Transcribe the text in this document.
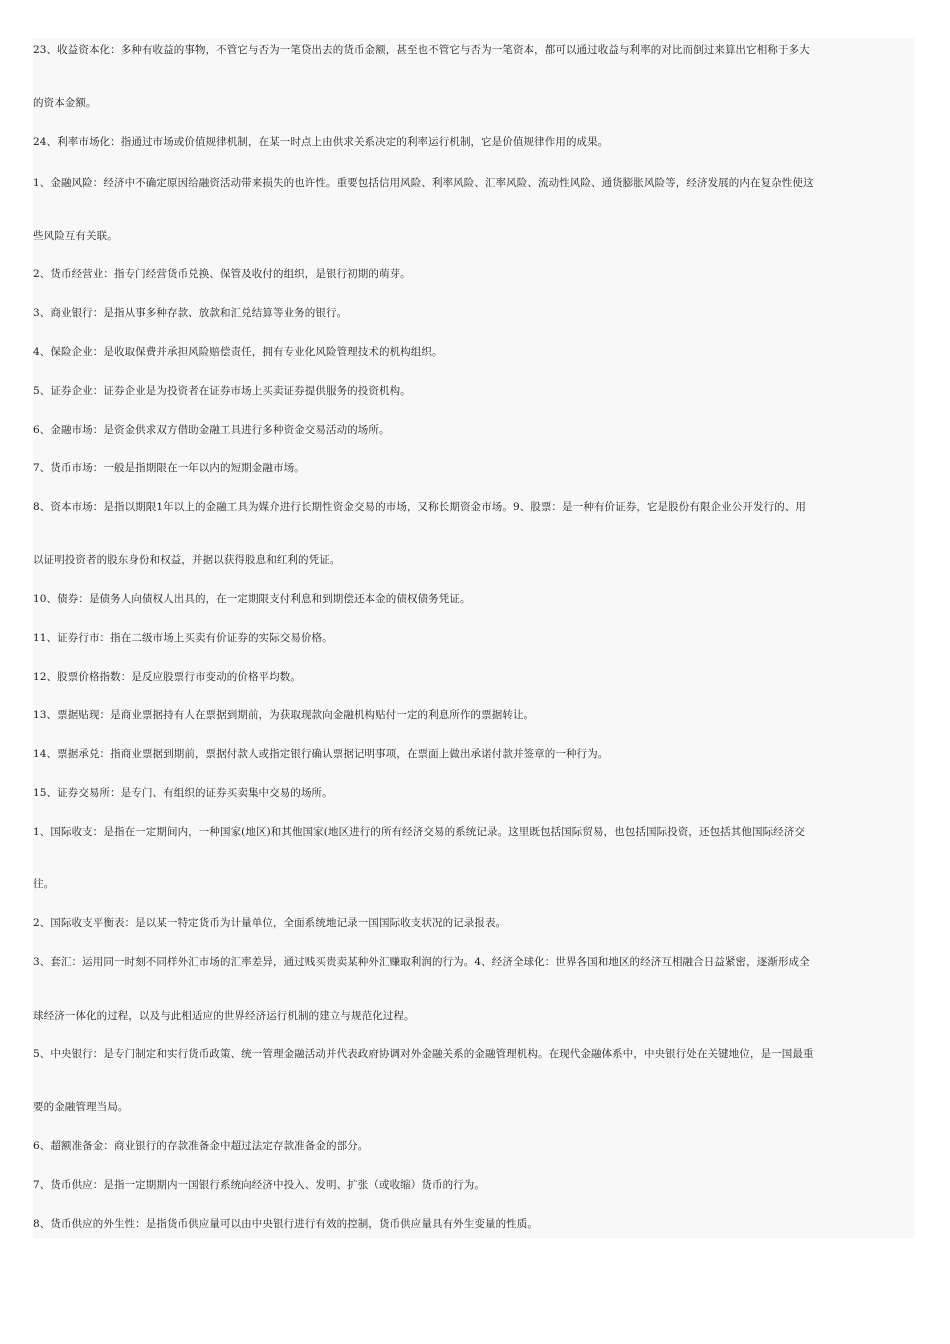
23、收益资本化：多种有收益的事物，不管它与否为一笔贷出去的货币金额，甚至也不管它与否为一笔资本，都可以通过收益与利率的对比而倒过来算出它相称于多大
的资本金额。
24、利率市场化：指通过市场或价值规律机制，在某一时点上由供求关系决定的利率运行机制，它是价值规律作用的成果。
1、金融风险：经济中不确定原因给融资活动带来损失的也许性。重要包括信用风险、利率风险、汇率风险、流动性风险、通货膨胀风险等，经济发展的内在复杂性使这
些风险互有关联。
2、货币经营业：指专门经营货币兑换、保管及收付的组织，是银行初期的萌芽。
3、商业银行：是指从事多种存款、放款和汇兑结算等业务的银行。
4、保险企业：是收取保费并承担风险赔偿责任，拥有专业化风险管理技术的机构组织。
5、证券企业：证券企业是为投资者在证券市场上买卖证券提供服务的投资机构。
6、金融市场：是资金供求双方借助金融工具进行多种资金交易活动的场所。
7、货币市场：一般是指期限在一年以内的短期金融市场。
8、资本市场：是指以期限1年以上的金融工具为媒介进行长期性资金交易的市场，又称长期资金市场。9、股票：是一种有价证券，它是股份有限企业公开发行的、用
以证明投资者的股东身份和权益，并据以获得股息和红利的凭证。
10、债券：是债务人向债权人出具的，在一定期限支付利息和到期偿还本金的债权债务凭证。
11、证券行市：指在二级市场上买卖有价证券的实际交易价格。
12、股票价格指数：是反应股票行市变动的价格平均数。
13、票据贴现：是商业票据持有人在票据到期前，为获取现款向金融机构贴付一定的利息所作的票据转让。
14、票据承兑：指商业票据到期前，票据付款人或指定银行确认票据记明事项，在票面上做出承诺付款并签章的一种行为。
15、证券交易所：是专门、有组织的证券买卖集中交易的场所。
1、国际收支：是指在一定期间内，一种国家(地区)和其他国家(地区进行的所有经济交易的系统记录。这里既包括国际贸易，也包括国际投资，还包括其他国际经济交
往。
2、国际收支平衡表：是以某一特定货币为计量单位，全面系统地记录一国国际收支状况的记录报表。
3、套汇：运用同一时刻不同样外汇市场的汇率差异，通过贱买贵卖某种外汇赚取利润的行为。4、经济全球化：世界各国和地区的经济互相融合日益紧密，逐渐形成全
球经济一体化的过程，以及与此相适应的世界经济运行机制的建立与规范化过程。
5、中央银行：是专门制定和实行货币政策、统一管理金融活动并代表政府协调对外金融关系的金融管理机构。在现代金融体系中，中央银行处在关键地位，是一国最重
要的金融管理当局。
6、超额准备金：商业银行的存款准备金中超过法定存款准备金的部分。
7、货币供应：是指一定期期内一国银行系统向经济中投入、发明、扩张（或收缩）货币的行为。
8、货币供应的外生性：是指货币供应量可以由中央银行进行有效的控制，货币供应量具有外生变量的性质。
